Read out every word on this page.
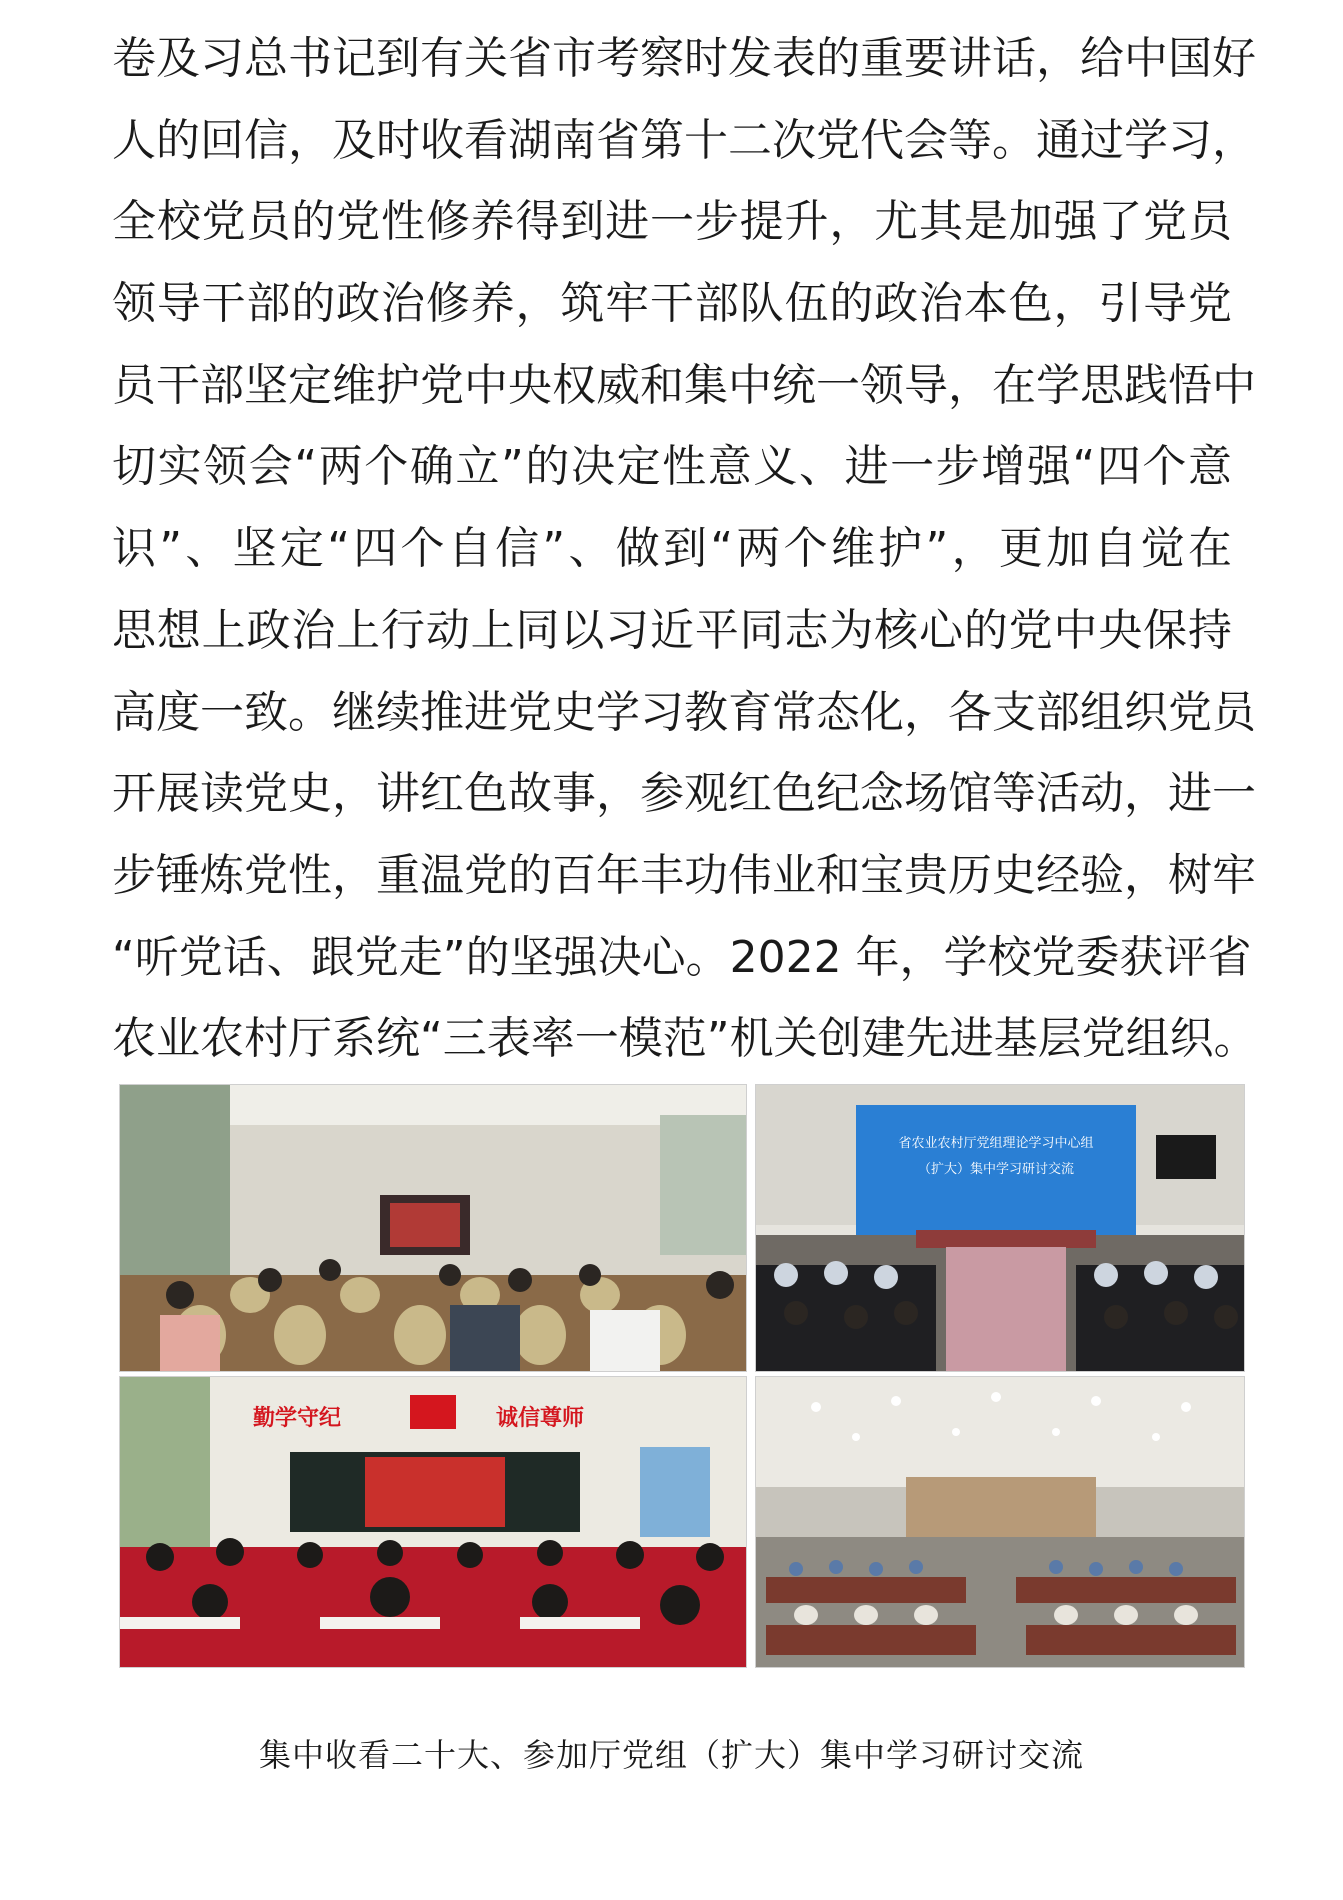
卷及习总书记到有关省市考察时发表的重要讲话，给中国好
人的回信，及时收看湖南省第十二次党代会等。通过学习，
全校党员的党性修养得到进一步提升，尤其是加强了党员
领导干部的政治修养，筑牢干部队伍的政治本色，引导党
员干部坚定维护党中央权威和集中统一领导，在学思践悟中
切实领会“两个确立”的决定性意义、进一步增强“四个意
识”、坚定“四个自信”、做到“两个维护”，更加自觉在
思想上政治上行动上同以习近平同志为核心的党中央保持
高度一致。继续推进党史学习教育常态化，各支部组织党员
开展读党史，讲红色故事，参观红色纪念场馆等活动，进一
步锤炼党性，重温党的百年丰功伟业和宝贵历史经验，树牢
“听党话、跟党走”的坚强决心。2022 年，学校党委获评省
农业农村厅系统“三表率一模范”机关创建先进基层党组织。
省农业农村厅党组理论学习中心组
（扩大）集中学习研讨交流
勤学守纪	诚信尊师
集中收看二十大、参加厅党组（扩大）集中学习研讨交流
